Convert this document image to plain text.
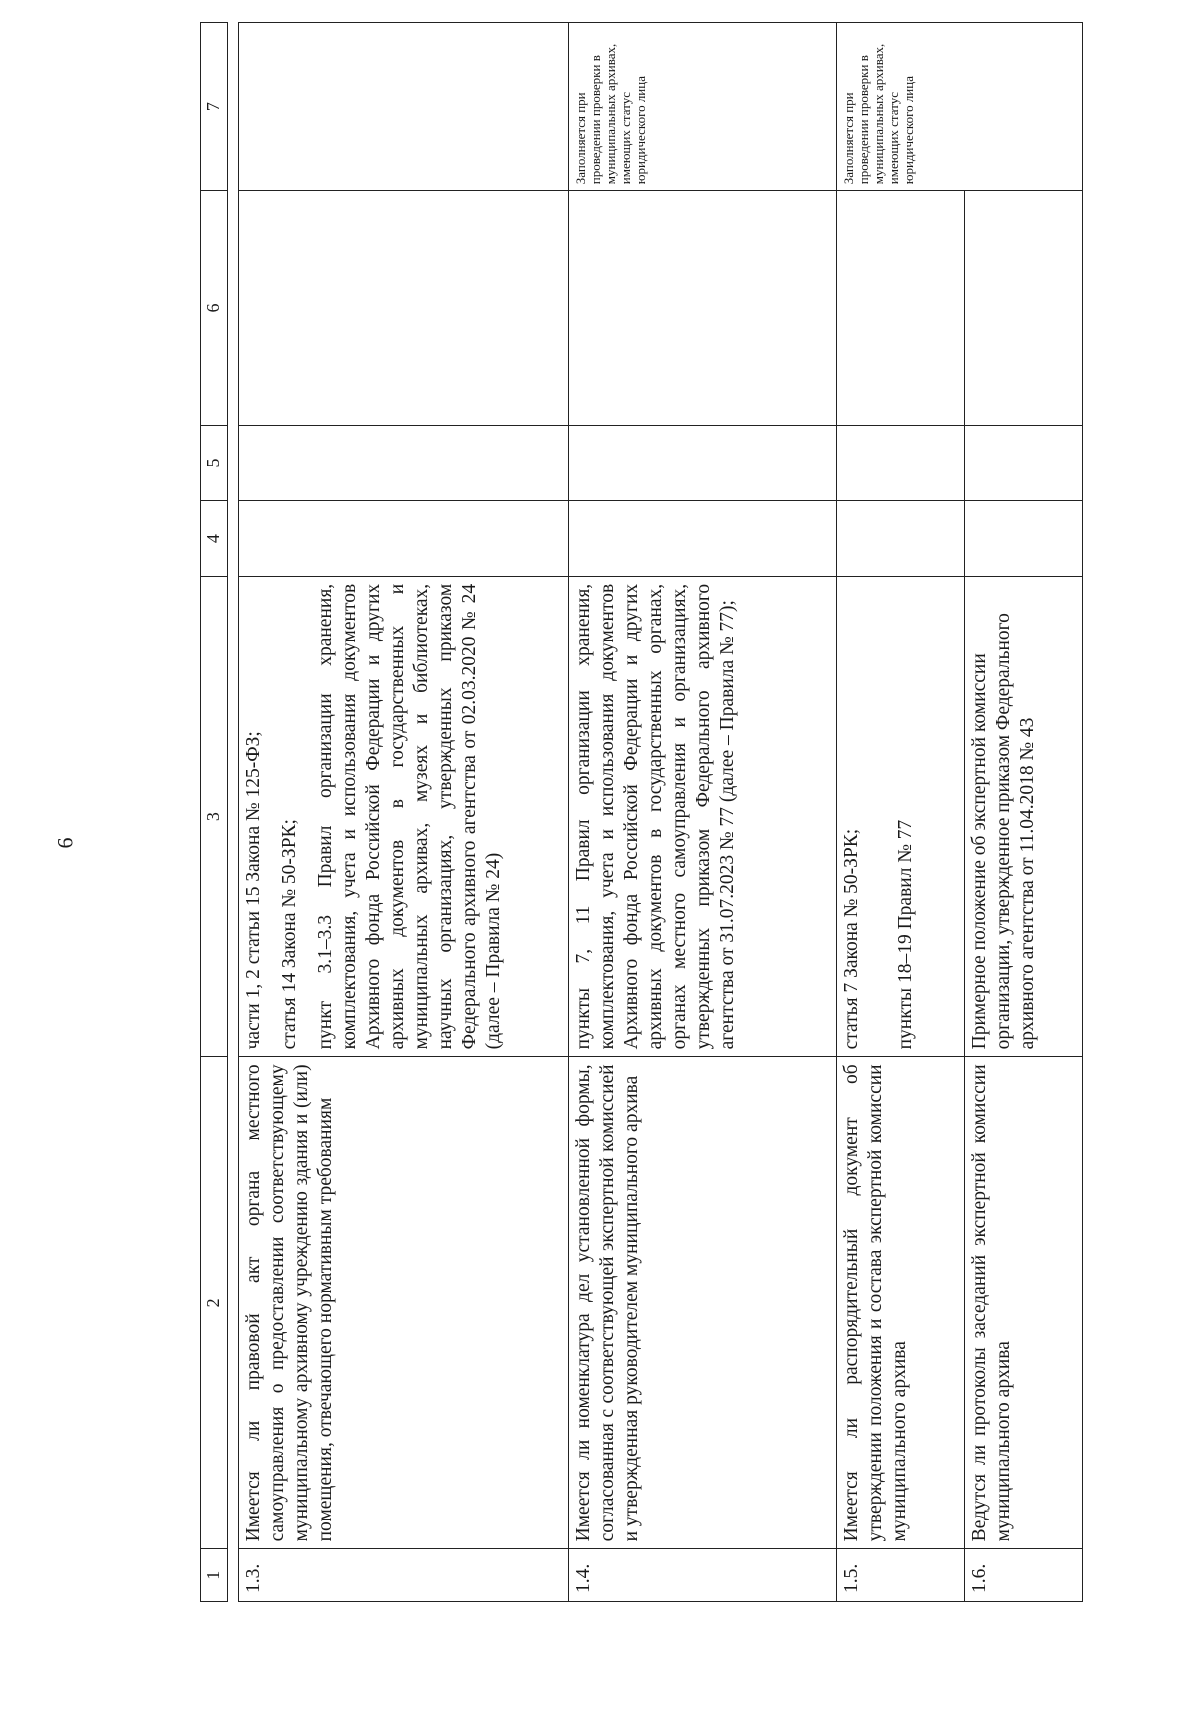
6
1	2	3	4	5	6	7

1.3.	Имеется ли правовой акт органа местного самоуправления о предоставлении соответствующему муниципальному архивному учреждению здания и (или) помещения, отвечающего нормативным требованиям	части 1, 2 статьи 15 Закона № 125-ФЗ; статья 14 Закона № 50-ЗРК; пункт 3.1–3.3 Правил организации хранения, комплектования, учета и использования документов Архивного фонда Российской Федерации и других архивных документов в государственных и муниципальных архивах, музеях и библиотеках, научных организациях, утвержденных приказом Федерального архивного агентства от 02.03.2020 № 24 (далее – Правила № 24)				

1.4.	Имеется ли номенклатура дел установленной формы, согласованная с соответствующей экспертной комиссией и утвержденная руководителем муниципального архива	пункты 7, 11 Правил организации хранения, комплектования, учета и использования документов Архивного фонда Российской Федерации и других архивных документов в государственных органах, органах местного самоуправления и организациях, утвержденных приказом Федерального архивного агентства от 31.07.2023 № 77 (далее – Правила № 77);				Заполняется при проведении проверки в муниципальных архивах, имеющих статус юридического лица
1.5.	Имеется ли распорядительный документ об утверждении положения и состава экспертной комиссии муниципального архива	статья 7 Закона № 50-ЗРК; пункты 18–19 Правил № 77				Заполняется при проведении проверки в муниципальных архивах, имеющих статус юридического лица
1.6.	Ведутся ли протоколы заседаний экспертной комиссии муниципального архива	Примерное положение об экспертной комиссии организации, утвержденное приказом Федерального архивного агентства от 11.04.2018 № 43				
